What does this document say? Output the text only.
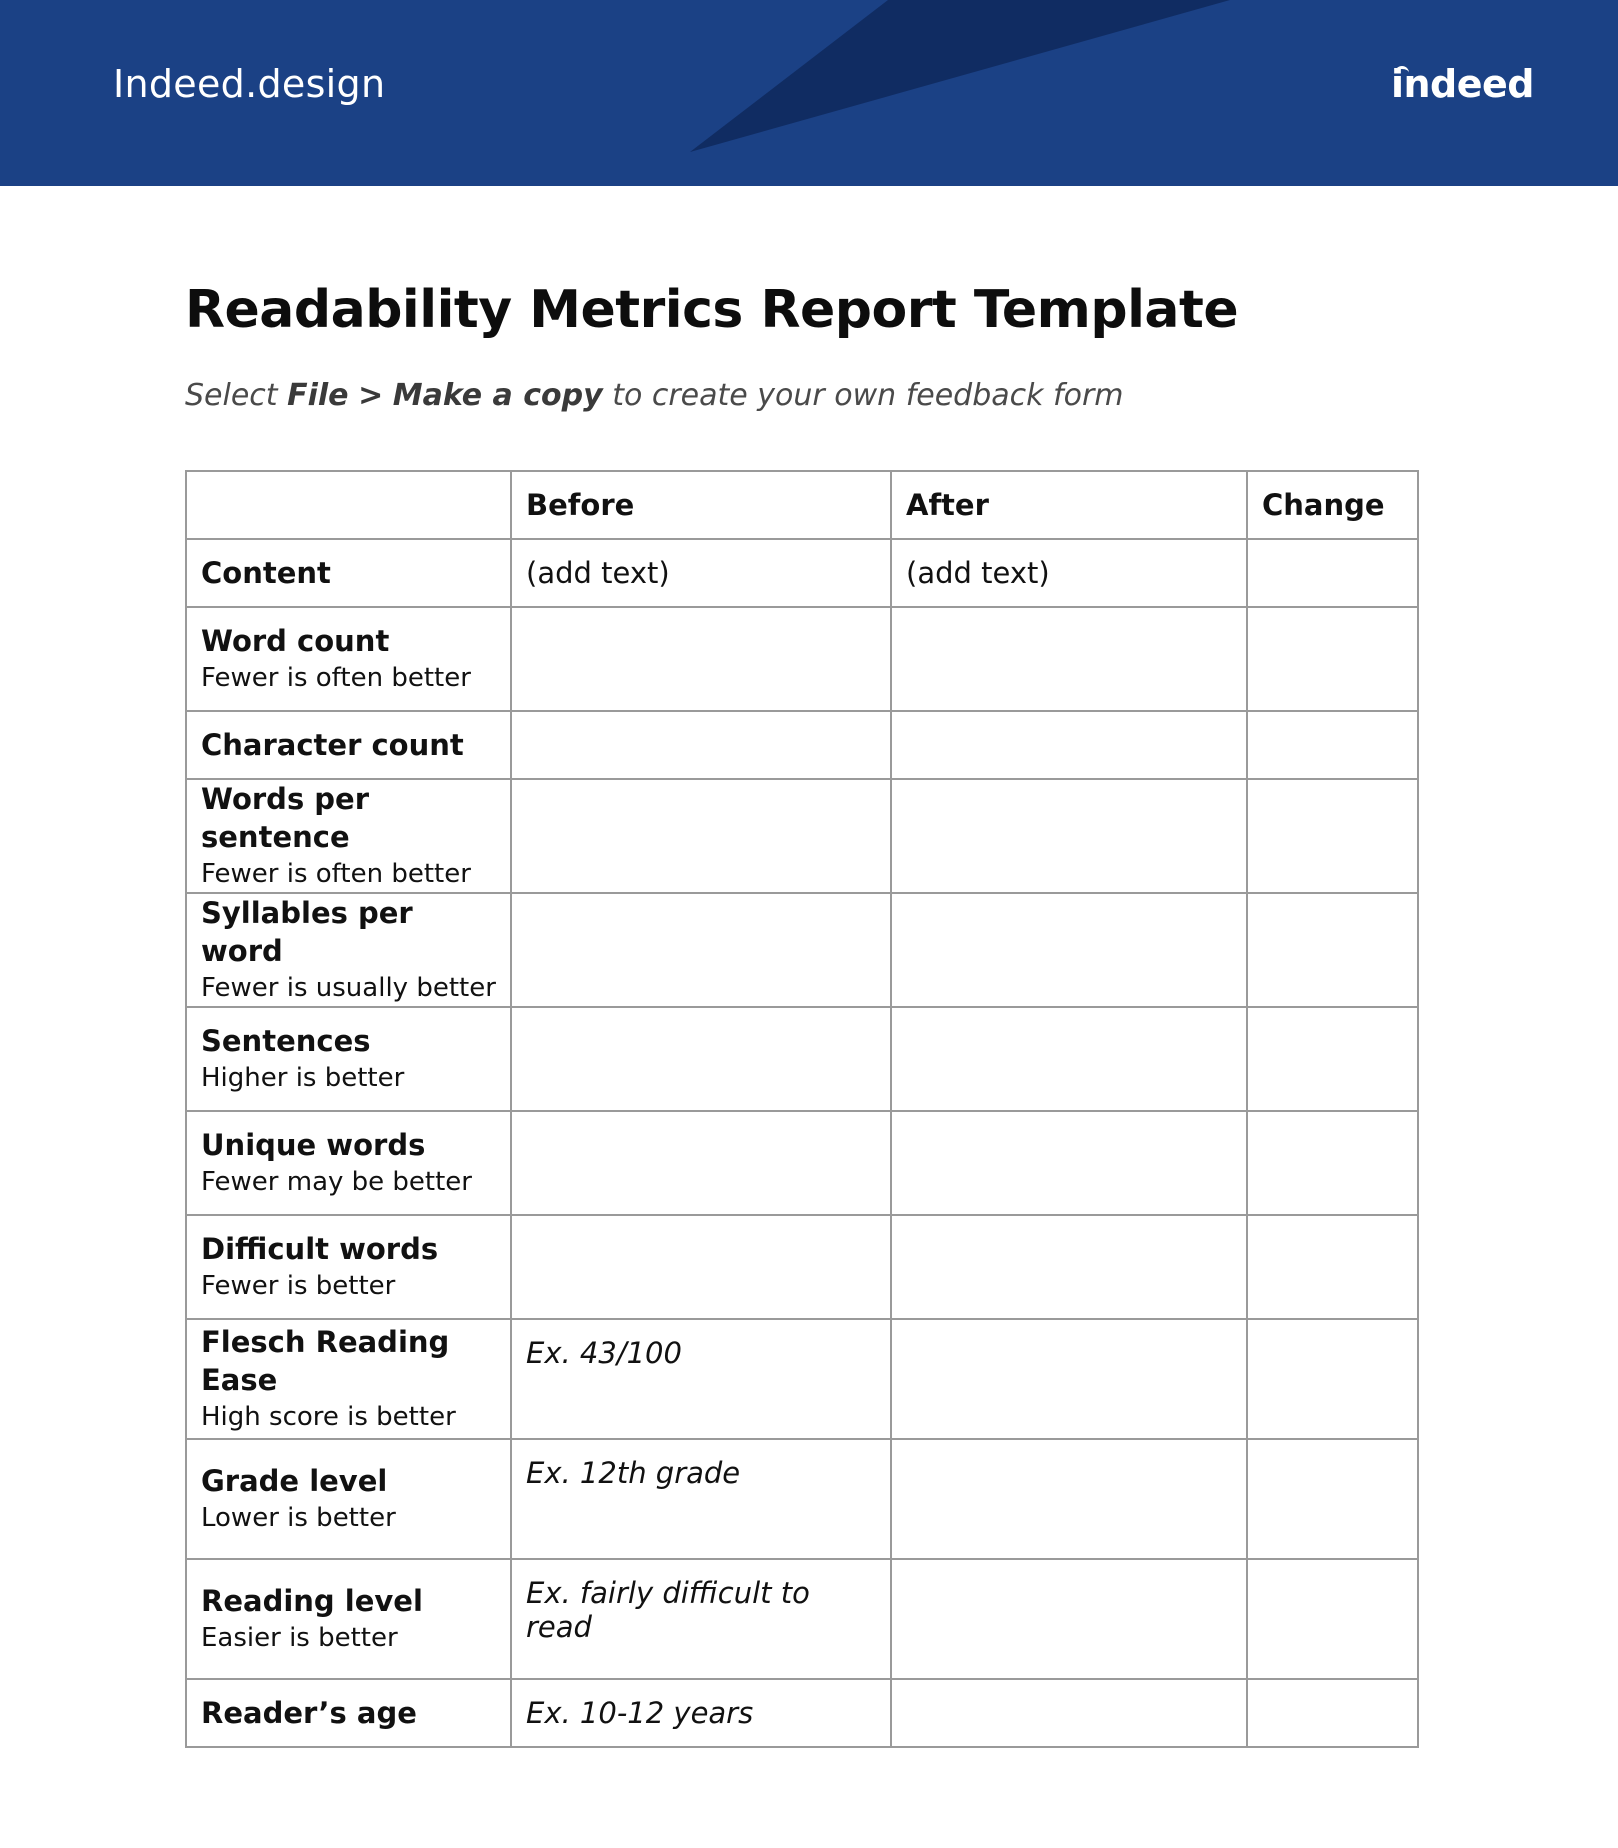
Indeed.design	indeed
Readability Metrics Report Template
Select File > Make a copy to create your own feedback form
	Before	After	Change

Content	(add text)	(add text)	

Word count
Fewer is often better			

Character count			

Words per sentence
Fewer is often better			

Syllables per word
Fewer is usually better			

Sentences
Higher is better			

Unique words
Fewer may be better			

Difficult words
Fewer is better			

Flesch Reading Ease
High score is better	Ex. 43/100		

Grade level
Lower is better	Ex. 12th grade		

Reading level
Easier is better	Ex. fairly difficult to read		

Reader’s age	Ex. 10-12 years		
